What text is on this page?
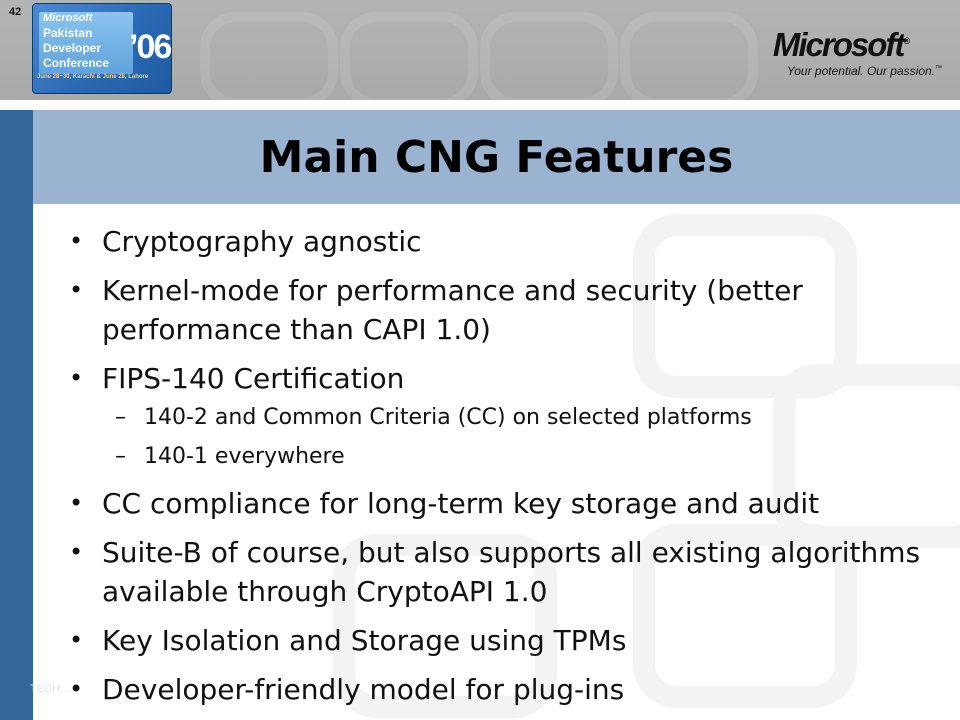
42 Microsoft
Pakistan
Developer
Conference ’06
June 28~30, Karachi & June 28, Lahore
Microsoft®
Your potential. Our passion.™
Main CNG Features
• Cryptography agnostic
• Kernel-mode for performance and security (better performance than CAPI 1.0)
• FIPS-140 Certification
– 140-2 and Common Criteria (CC) on selected platforms
– 140-1 everywhere
• CC compliance for long-term key storage and audit
• Suite-B of course, but also supports all existing algorithms available through CryptoAPI 1.0
• Key Isolation and Storage using TPMs
• Developer-friendly model for plug-ins
TECH...
